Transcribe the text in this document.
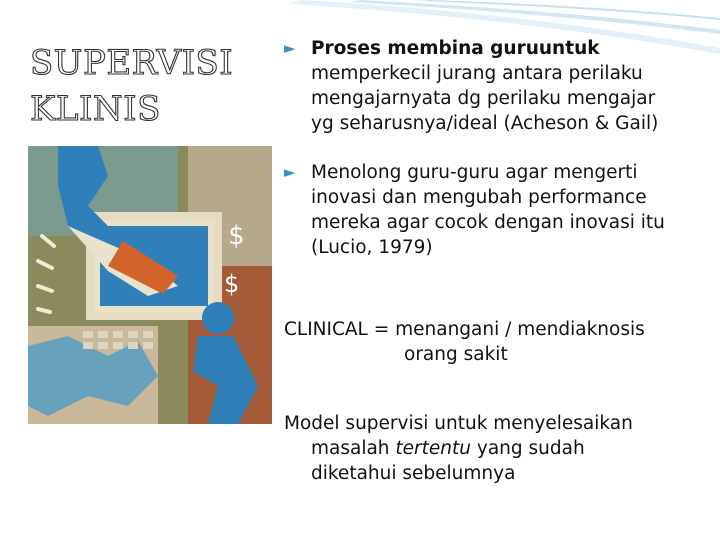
SUPERVISI
KLINIS
$
$
► Proses membina guruuntuk
memperkecil jurang antara perilaku
mengajarnyata dg perilaku mengajar
yg seharusnya/ideal (Acheson & Gail)
► Menolong guru-guru agar mengerti
inovasi dan mengubah performance
mereka agar cocok dengan inovasi itu
(Lucio, 1979)
CLINICAL = menangani / mendiaknosis
orang sakit
Model supervisi untuk menyelesaikan
masalah tertentu yang sudah
diketahui sebelumnya
